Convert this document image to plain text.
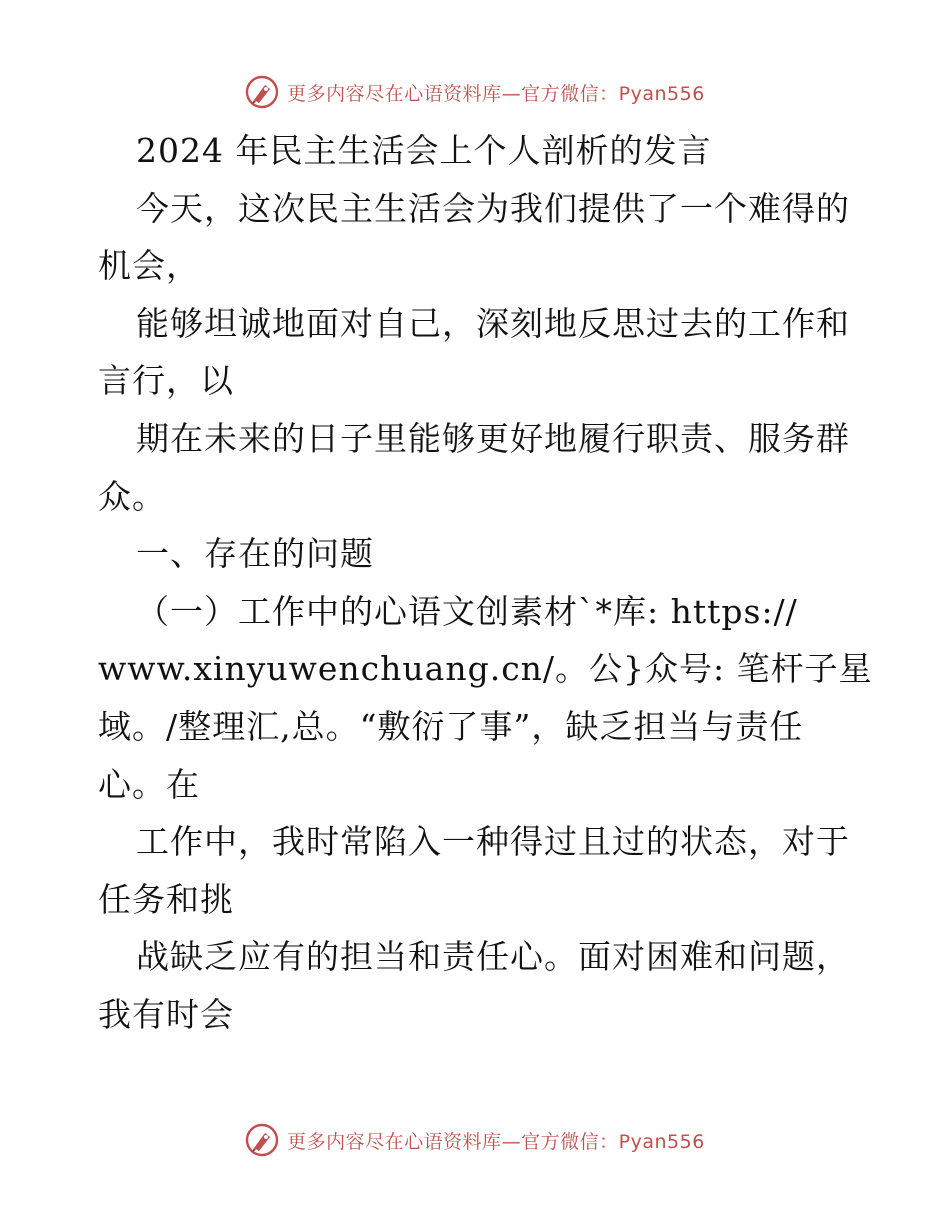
更多内容尽在心语资料库—官方微信：Pyan556
2024 年民主生活会上个人剖析的发言
今天，这次民主生活会为我们提供了一个难得的
机会，
能够坦诚地面对自己，深刻地反思过去的工作和
言行，以
期在未来的日子里能够更好地履行职责、服务群
众。
一、存在的问题
（一）工作中的心语文创素材`*库: https://
www.xinyuwenchuang.cn/。公}众号: 笔杆子星
域。/整理汇,总。“敷衍了事”，缺乏担当与责任
心。在
工作中，我时常陷入一种得过且过的状态，对于
任务和挑
战缺乏应有的担当和责任心。面对困难和问题，
我有时会
更多内容尽在心语资料库—官方微信：Pyan556
